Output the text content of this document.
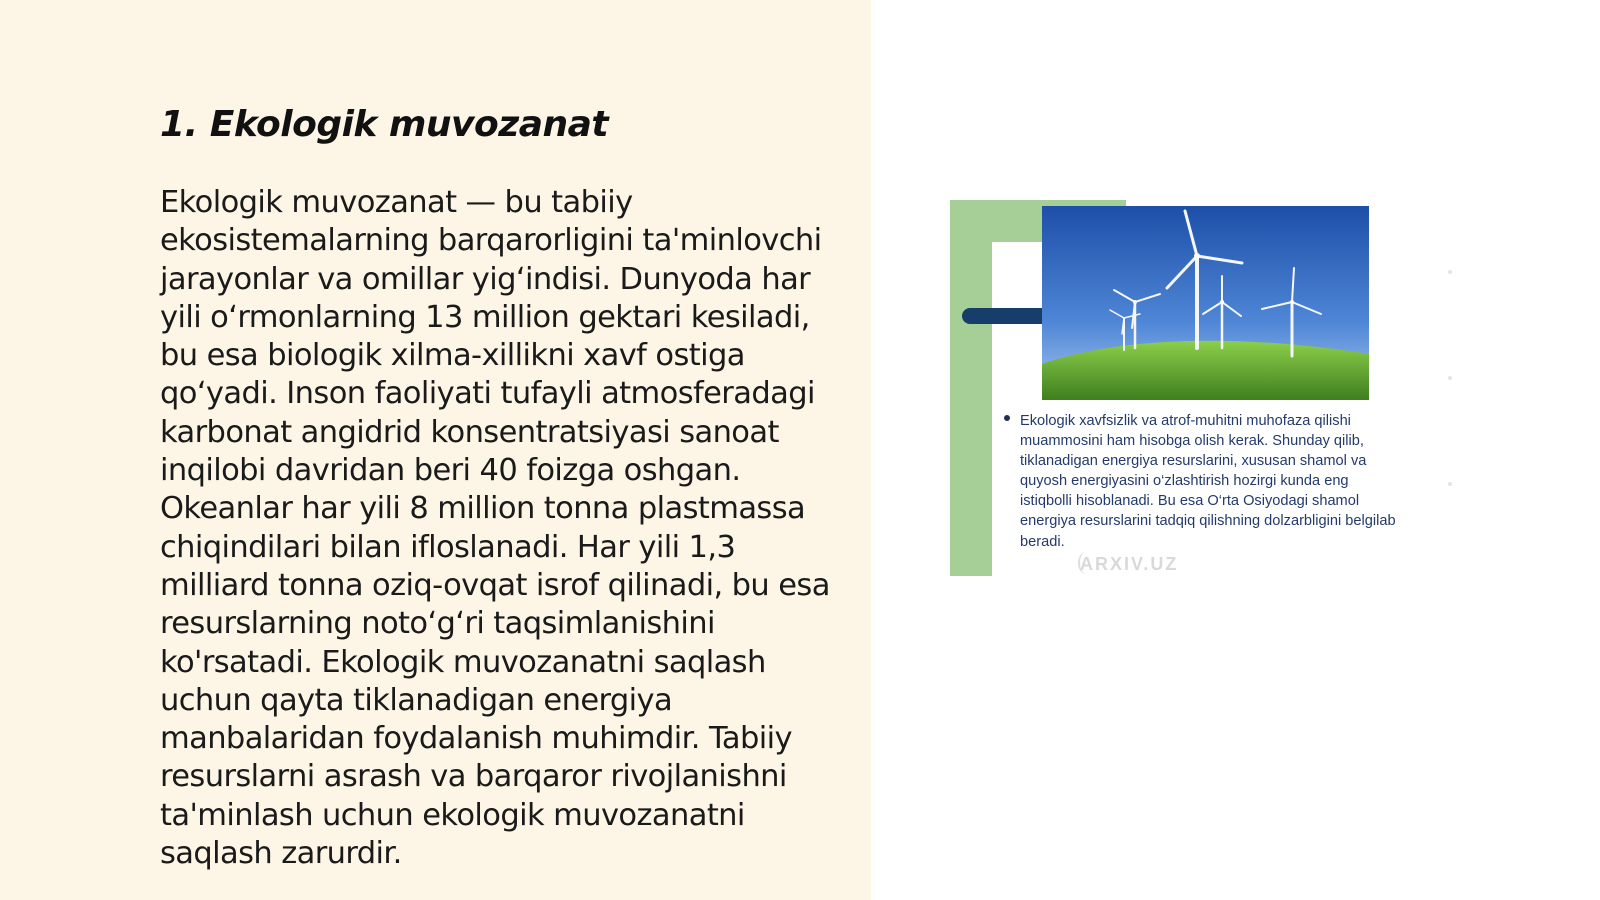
1. Ekologik muvozanat

Ekologik muvozanat — bu tabiiy ekosistemalarning barqarorligini ta'minlovchi jarayonlar va omillar yig‘indisi. Dunyoda har yili o‘rmonlarning 13 million gektari kesiladi, bu esa biologik xilma-xillikni xavf ostiga qo‘yadi. Inson faoliyati tufayli atmosferadagi karbonat angidrid konsentratsiyasi sanoat inqilobi davridan beri 40 foizga oshgan. Okeanlar har yili 8 million tonna plastmassa chiqindilari bilan ifloslanadi. Har yili 1,3 milliard tonna oziq-ovqat isrof qilinadi, bu esa resurslarning noto‘g‘ri taqsimlanishini ko'rsatadi. Ekologik muvozanatni saqlash uchun qayta tiklanadigan energiya manbalaridan foydalanish muhimdir. Tabiiy resurslarni asrash va barqaror rivojlanishni ta'minlash uchun ekologik muvozanatni saqlash zarurdir.

Ekologik xavfsizlik va atrof-muhitni muhofaza qilishi muammosini ham hisobga olish kerak. Shunday qilib, tiklanadigan energiya resurslarini, xususan shamol va quyosh energiyasini o‘zlashtirish hozirgi kunda eng istiqbolli hisoblanadi. Bu esa O‘rta Osiyodagi shamol energiya resurslarini tadqiq qilishning dolzarbligini belgilab beradi.

ARXIV.UZ
